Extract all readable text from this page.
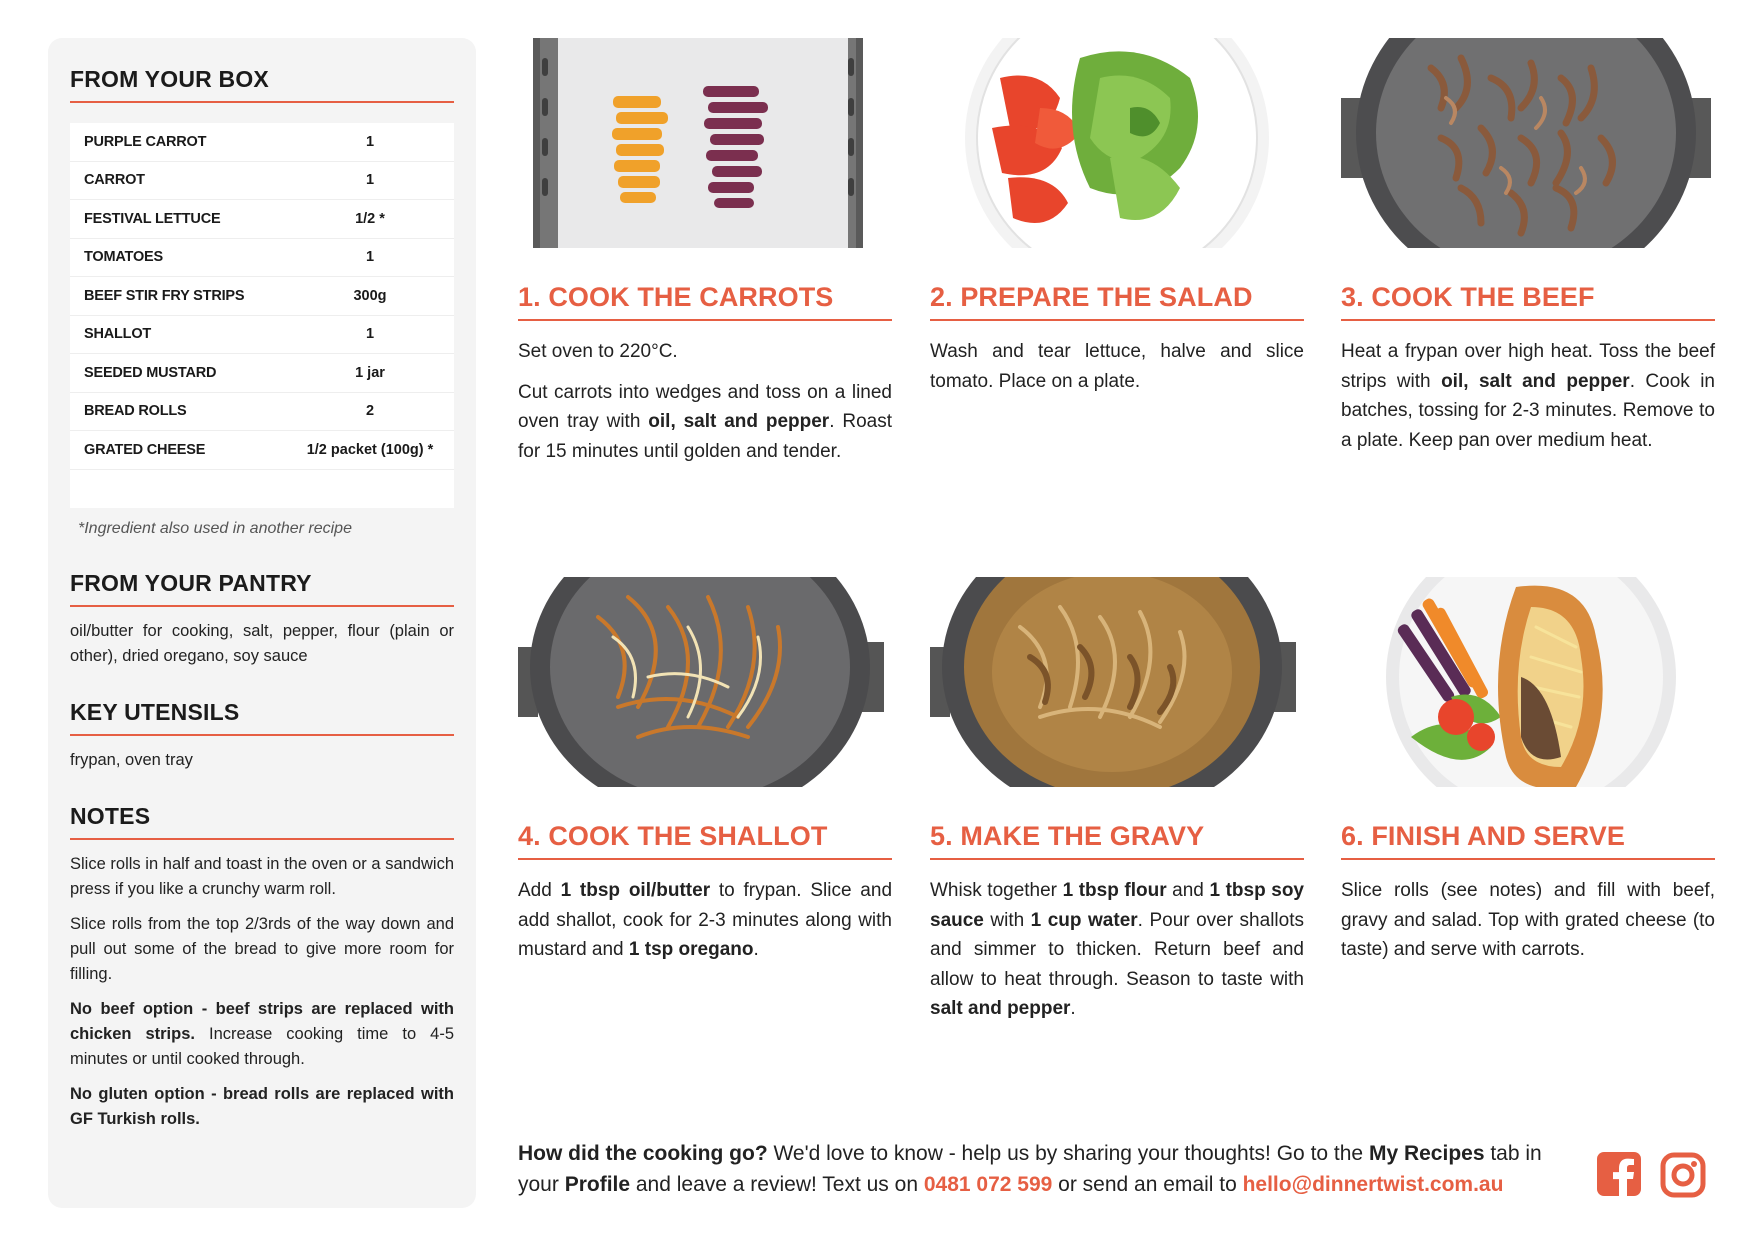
FROM YOUR BOX
PURPLE CARROT	1
CARROT	1
FESTIVAL LETTUCE	1/2 *
TOMATOES	1
BEEF STIR FRY STRIPS	300g
SHALLOT	1
SEEDED MUSTARD	1 jar
BREAD ROLLS	2
GRATED CHEESE	1/2 packet (100g) *
*Ingredient also used in another recipe
FROM YOUR PANTRY
oil/butter for cooking, salt, pepper, flour (plain or other), dried oregano, soy sauce
KEY UTENSILS
frypan, oven tray
NOTES

Slice rolls in half and toast in the oven or a sandwich press if you like a crunchy warm roll.

Slice rolls from the top 2/3rds of the way down and pull out some of the bread to give more room for filling.

No beef option - beef strips are replaced with chicken strips. Increase cooking time to 4-5 minutes or until cooked through.

No gluten option - bread rolls are replaced with GF Turkish rolls.

1. COOK THE CARROTS

Set oven to 220°C.

Cut carrots into wedges and toss on a lined oven tray with oil, salt and pepper. Roast for 15 minutes until golden and tender.

2. PREPARE THE SALAD

Wash and tear lettuce, halve and slice tomato. Place on a plate.

3. COOK THE BEEF

Heat a frypan over high heat. Toss the beef strips with oil, salt and pepper. Cook in batches, tossing for 2-3 minutes. Remove to a plate. Keep pan over medium heat.

4. COOK THE SHALLOT

Add 1 tbsp oil/butter to frypan. Slice and add shallot, cook for 2-3 minutes along with mustard and 1 tsp oregano.

5. MAKE THE GRAVY

Whisk together 1 tbsp flour and 1 tbsp soy sauce with 1 cup water. Pour over shallots and simmer to thicken. Return beef and allow to heat through. Season to taste with salt and pepper.

6. FINISH AND SERVE

Slice rolls (see notes) and fill with beef, gravy and salad. Top with grated cheese (to taste) and serve with carrots.

How did the cooking go? We'd love to know - help us by sharing your thoughts! Go to the My Recipes tab in your Profile and leave a review! Text us on 0481 072 599 or send an email to hello@dinnertwist.com.au
